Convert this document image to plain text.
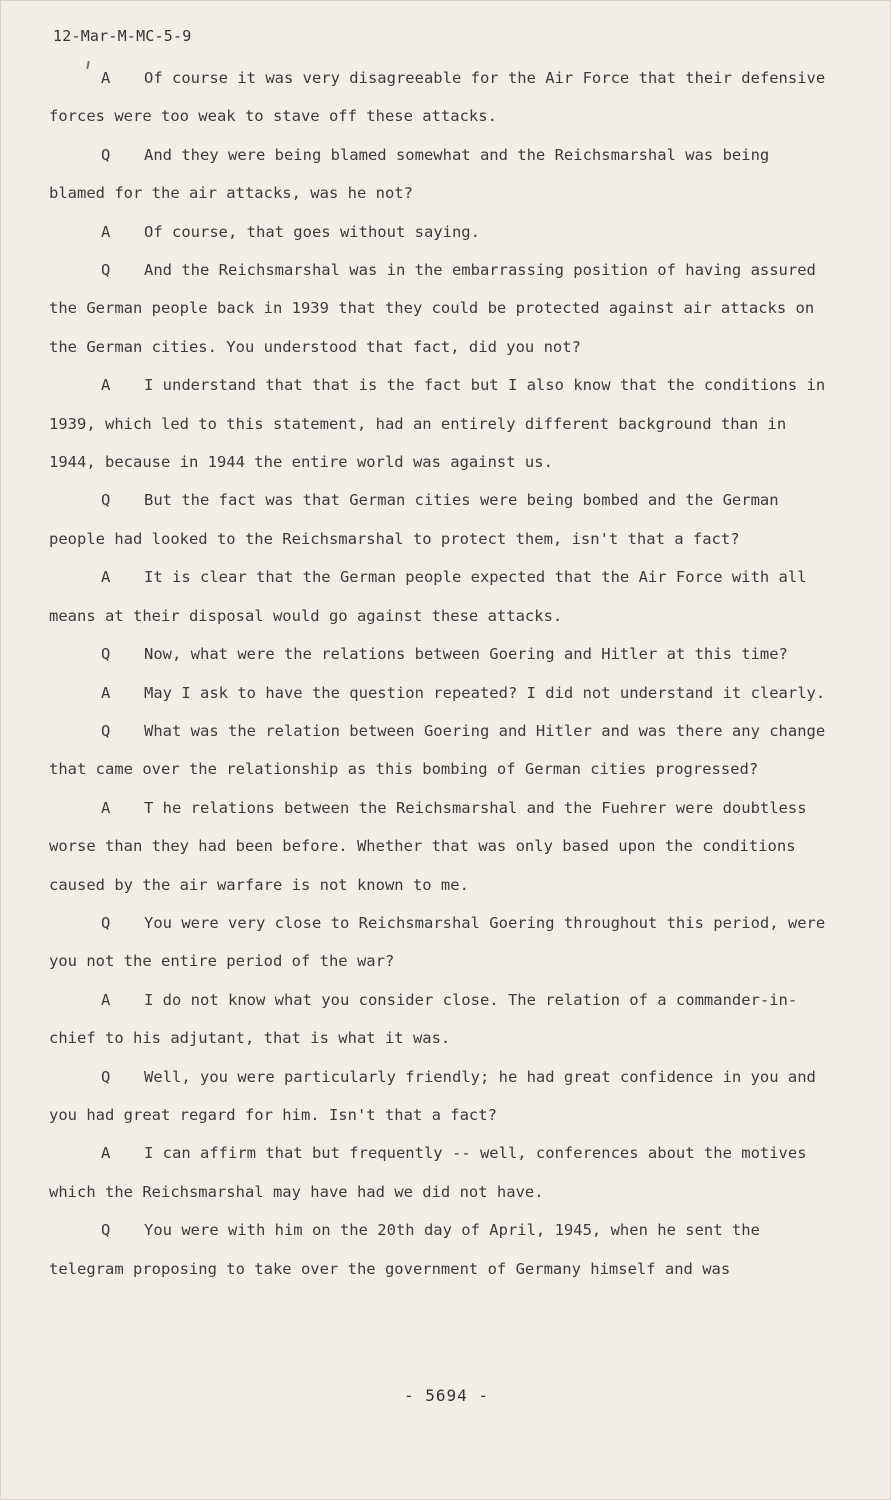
12-Mar-M-MC-5-9

A Of course it was very disagreeable for the Air Force that their defensive forces were too weak to stave off these attacks.

Q And they were being blamed somewhat and the Reichsmarshal was being blamed for the air attacks, was he not?

A Of course, that goes without saying.

Q And the Reichsmarshal was in the embarrassing position of having assured the German people back in 1939 that they could be protected against air attacks on the German cities. You understood that fact, did you not?

A I understand that that is the fact but I also know that the conditions in 1939, which led to this statement, had an entirely different background than in 1944, because in 1944 the entire world was against us.

Q But the fact was that German cities were being bombed and the German people had looked to the Reichsmarshal to protect them, isn't that a fact?

A It is clear that the German people expected that the Air Force with all means at their disposal would go against these attacks.

Q Now, what were the relations between Goering and Hitler at this time?

A May I ask to have the question repeated? I did not understand it clearly.

Q What was the relation between Goering and Hitler and was there any change that came over the relationship as this bombing of German cities progressed?

A T he relations between the Reichsmarshal and the Fuehrer were doubtless worse than they had been before. Whether that was only based upon the conditions caused by the air warfare is not known to me.

Q You were very close to Reichsmarshal Goering throughout this period, were you not the entire period of the war?

A I do not know what you consider close. The relation of a commander-in-chief to his adjutant, that is what it was.

Q Well, you were particularly friendly; he had great confidence in you and you had great regard for him. Isn't that a fact?

A I can affirm that but frequently -- well, conferences about the motives which the Reichsmarshal may have had we did not have.

Q You were with him on the 20th day of April, 1945, when he sent the telegram proposing to take over the government of Germany himself and was

- 5694 -
